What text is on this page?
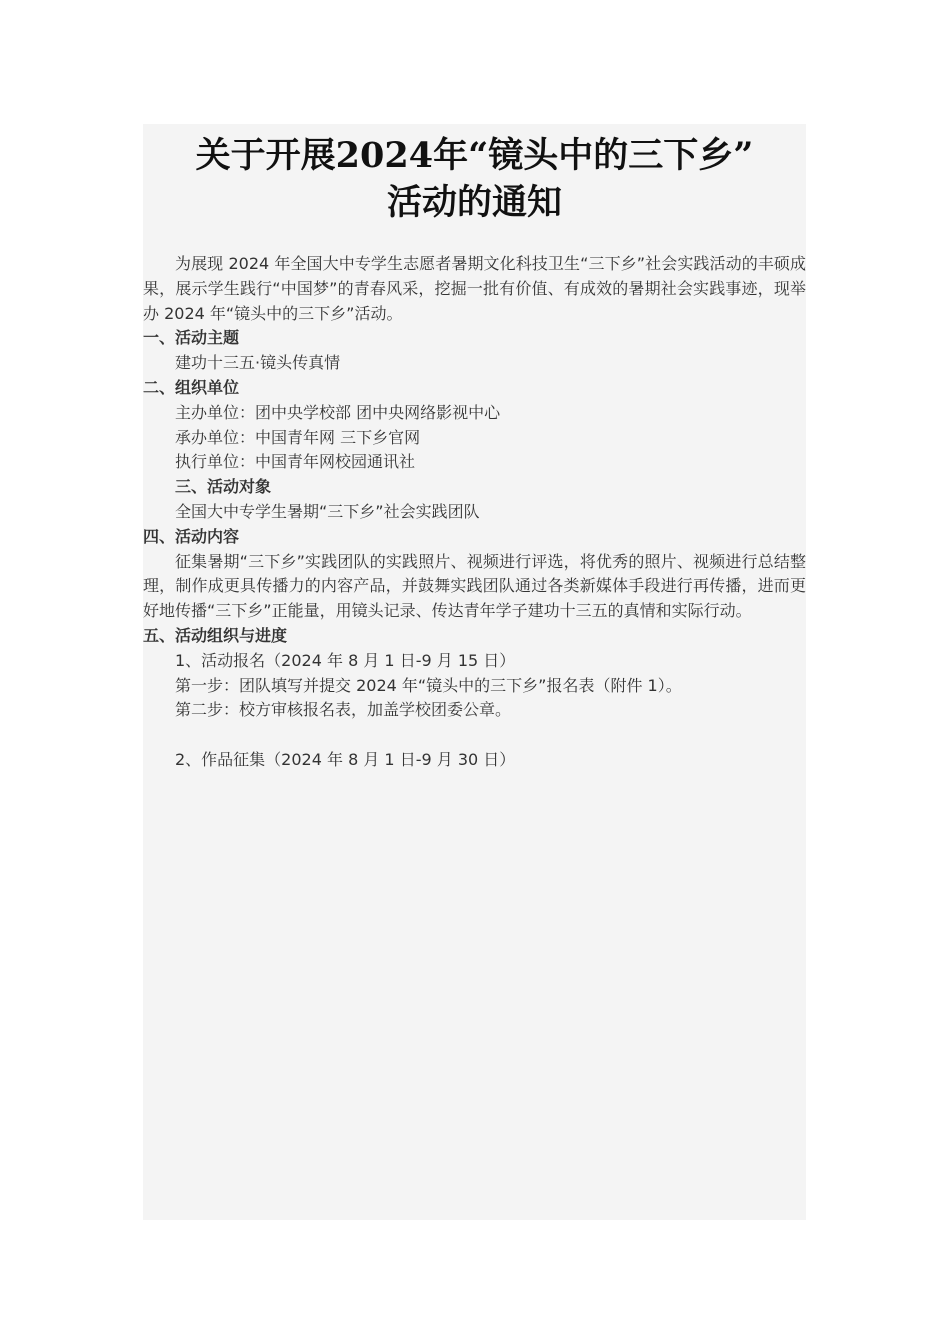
关于开展2024年“镜头中的三下乡”
活动的通知

为展现 2024 年全国大中专学生志愿者暑期文化科技卫生“三下乡”社会实践活动的丰硕成果，展示学生践行“中国梦”的青春风采，挖掘一批有价值、有成效的暑期社会实践事迹，现举办 2024 年“镜头中的三下乡”活动。

一、活动主题

建功十三五·镜头传真情

二、组织单位

主办单位：团中央学校部 团中央网络影视中心

承办单位：中国青年网 三下乡官网

执行单位：中国青年网校园通讯社

三、活动对象

全国大中专学生暑期“三下乡”社会实践团队

四、活动内容

征集暑期“三下乡”实践团队的实践照片、视频进行评选，将优秀的照片、视频进行总结整理，制作成更具传播力的内容产品，并鼓舞实践团队通过各类新媒体手段进行再传播，进而更好地传播“三下乡”正能量，用镜头记录、传达青年学子建功十三五的真情和实际行动。

五、活动组织与进度

1、活动报名（2024 年 8 月 1 日-9 月 15 日）

第一步：团队填写并提交 2024 年“镜头中的三下乡”报名表（附件 1）。

第二步：校方审核报名表，加盖学校团委公章。

2、作品征集（2024 年 8 月 1 日-9 月 30 日）
